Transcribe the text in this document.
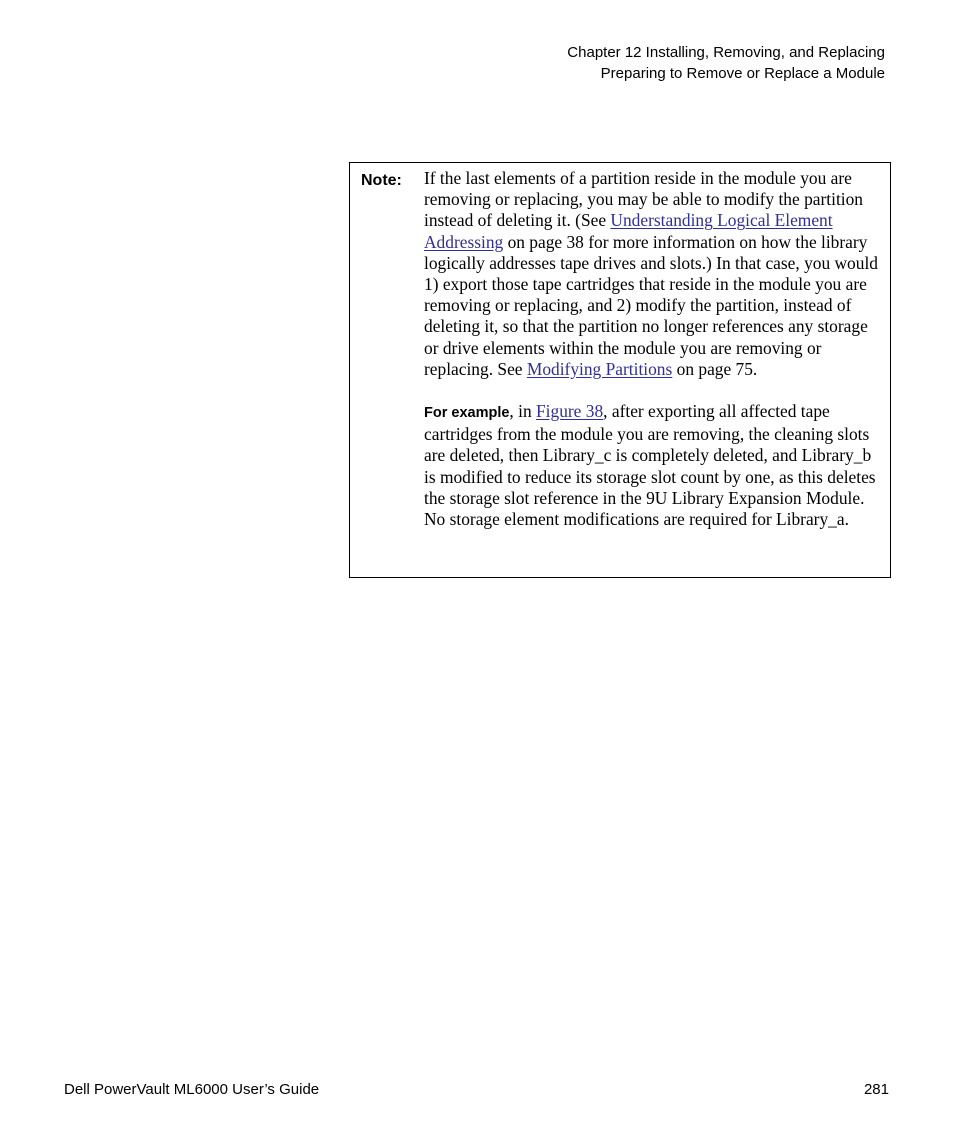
Chapter 12 Installing, Removing, and Replacing
Preparing to Remove or Replace a Module
Note: If the last elements of a partition reside in the module you are removing or replacing, you may be able to modify the partition instead of deleting it. (See Understanding Logical Element Addressing on page 38 for more information on how the library logically addresses tape drives and slots.) In that case, you would 1) export those tape cartridges that reside in the module you are removing or replacing, and 2) modify the partition, instead of deleting it, so that the partition no longer references any storage or drive elements within the module you are removing or replacing. See Modifying Partitions on page 75.

For example, in Figure 38, after exporting all affected tape cartridges from the module you are removing, the cleaning slots are deleted, then Library_c is completely deleted, and Library_b is modified to reduce its storage slot count by one, as this deletes the storage slot reference in the 9U Library Expansion Module. No storage element modifications are required for Library_a.

Dell PowerVault ML6000 User’s Guide	281
